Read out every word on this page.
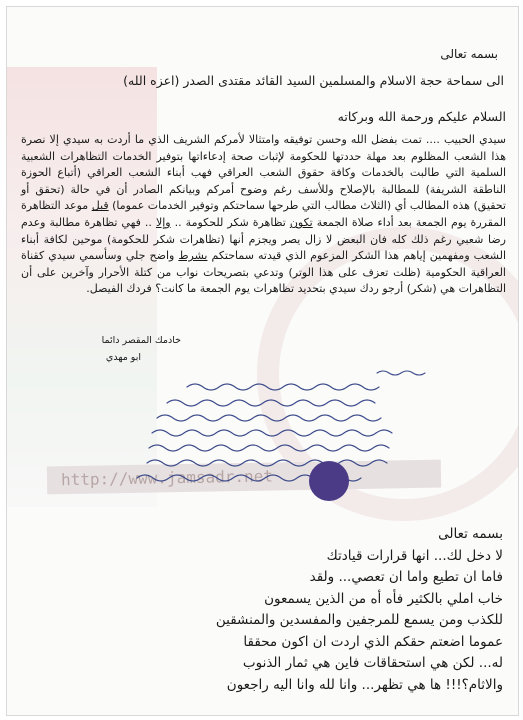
http://www.jamsadr.net
بسمه تعالى
الى سماحة حجة الاسلام والمسلمين السيد القائد مقتدى الصدر (اعزه الله)
السلام عليكم ورحمة الله وبركاته
سيدي الحبيب .... تمت بفضل الله وحسن توفيقه وامتثالا لأمركم الشريف الذي ما أردت به سيدي إلا نصرة هذا الشعب المظلوم بعد مهلة حددتها للحكومة لإثبات صحة إدعاءاتها بتوفير الخدمات التظاهرات الشعبية السلمية التي طالبت بالخدمات وكافة حقوق الشعب العراقي فهب أبناء الشعب العراقي (أتباع الحوزة الناطقة الشريفة) للمطالبة بالإصلاح وللأسف رغم وضوح أمركم وبيانكم الصادر أن في حالة (تحقق أو تحقيق) هذه المطالب أي (الثلاث مطالب التي طرحها سماحتكم وتوفير الخدمات عموما) قبل موعد التظاهرة المقررة يوم الجمعة بعد أداء صلاة الجمعة تكون تظاهرة شكر للحكومة .. وإلا .. فهي تظاهرة مطالبة وعدم رضا شعبي رغم ذلك كله فان البعض لا زال يصر ويجزم أنها (تظاهرات شكر للحكومة) موحين لكافة أبناء الشعب ومفهمين إياهم هذا الشكر المزعوم الذي قيدته سماحتكم بشرط واضح جلي وسأسمي سيدي كقناة العراقية الحكومية (ظلت تعزف على هذا الوتر) وتدعي بتصريحات نواب من كتلة الأحرار وآخرين على أن التظاهرات هي (شكر) أرجو ردك سيدي بتحديد تظاهرات يوم الجمعة ما كانت؟ فردك الفيصل.
خادمك المقصر دائما
ابو مهدي
بسمه تعالى
لا دخل لك... انها قرارات قيادتك
فاما ان تطيع واما ان تعصي... ولقد
خاب املي بالكثير فأه أه من الذين يسمعون
للكذب ومن يسمع للمرجفين والمفسدين والمنشقين
عموما اضعتم حقكم الذي اردت ان اكون محققا
له... لكن هي استحقاقات فاين هي ثمار الذنوب
والاثام؟!!! ها هي تظهر... وانا لله وانا اليه راجعون
